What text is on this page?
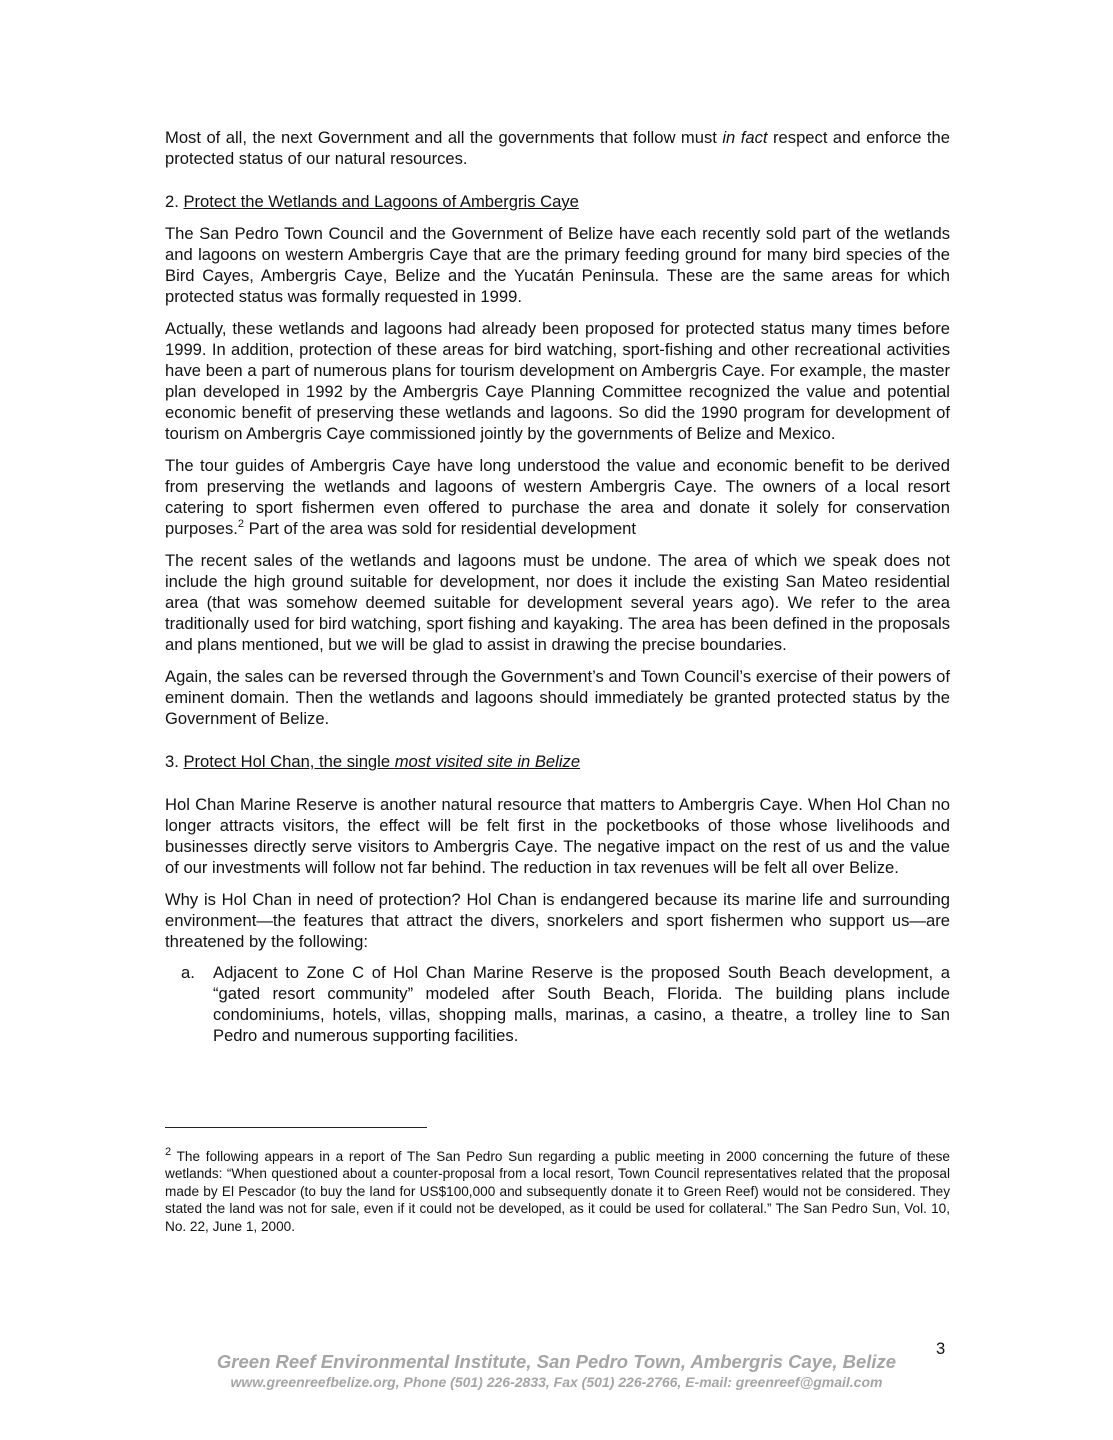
Most of all, the next Government and all the governments that follow must in fact respect and enforce the protected status of our natural resources.

2. Protect the Wetlands and Lagoons of Ambergris Caye

The San Pedro Town Council and the Government of Belize have each recently sold part of the wetlands and lagoons on western Ambergris Caye that are the primary feeding ground for many bird species of the Bird Cayes, Ambergris Caye, Belize and the Yucatán Peninsula. These are the same areas for which protected status was formally requested in 1999.

Actually, these wetlands and lagoons had already been proposed for protected status many times before 1999. In addition, protection of these areas for bird watching, sport-fishing and other recreational activities have been a part of numerous plans for tourism development on Ambergris Caye. For example, the master plan developed in 1992 by the Ambergris Caye Planning Committee recognized the value and potential economic benefit of preserving these wetlands and lagoons. So did the 1990 program for development of tourism on Ambergris Caye commissioned jointly by the governments of Belize and Mexico.

The tour guides of Ambergris Caye have long understood the value and economic benefit to be derived from preserving the wetlands and lagoons of western Ambergris Caye. The owners of a local resort catering to sport fishermen even offered to purchase the area and donate it solely for conservation purposes.$^2$ Part of the area was sold for residential development

The recent sales of the wetlands and lagoons must be undone. The area of which we speak does not include the high ground suitable for development, nor does it include the existing San Mateo residential area (that was somehow deemed suitable for development several years ago). We refer to the area traditionally used for bird watching, sport fishing and kayaking. The area has been defined in the proposals and plans mentioned, but we will be glad to assist in drawing the precise boundaries.

Again, the sales can be reversed through the Government’s and Town Council’s exercise of their powers of eminent domain. Then the wetlands and lagoons should immediately be granted protected status by the Government of Belize.

3. Protect Hol Chan, the single most visited site in Belize

Hol Chan Marine Reserve is another natural resource that matters to Ambergris Caye. When Hol Chan no longer attracts visitors, the effect will be felt first in the pocketbooks of those whose livelihoods and businesses directly serve visitors to Ambergris Caye. The negative impact on the rest of us and the value of our investments will follow not far behind. The reduction in tax revenues will be felt all over Belize.

Why is Hol Chan in need of protection? Hol Chan is endangered because its marine life and surrounding environment—the features that attract the divers, snorkelers and sport fishermen who support us—are threatened by the following:

a. Adjacent to Zone C of Hol Chan Marine Reserve is the proposed South Beach development, a “gated resort community” modeled after South Beach, Florida. The building plans include condominiums, hotels, villas, shopping malls, marinas, a casino, a theatre, a trolley line to San Pedro and numerous supporting facilities.

$^2$ The following appears in a report of The San Pedro Sun regarding a public meeting in 2000 concerning the future of these wetlands: “When questioned about a counter-proposal from a local resort, Town Council representatives related that the proposal made by El Pescador (to buy the land for US$100,000 and subsequently donate it to Green Reef) would not be considered. They stated the land was not for sale, even if it could not be developed, as it could be used for collateral.” The San Pedro Sun, Vol. 10, No. 22, June 1, 2000.
3
Green Reef Environmental Institute, San Pedro Town, Ambergris Caye, Belize
www.greenreefbelize.org, Phone (501) 226-2833, Fax (501) 226-2766, E-mail: greenreef@gmail.com
